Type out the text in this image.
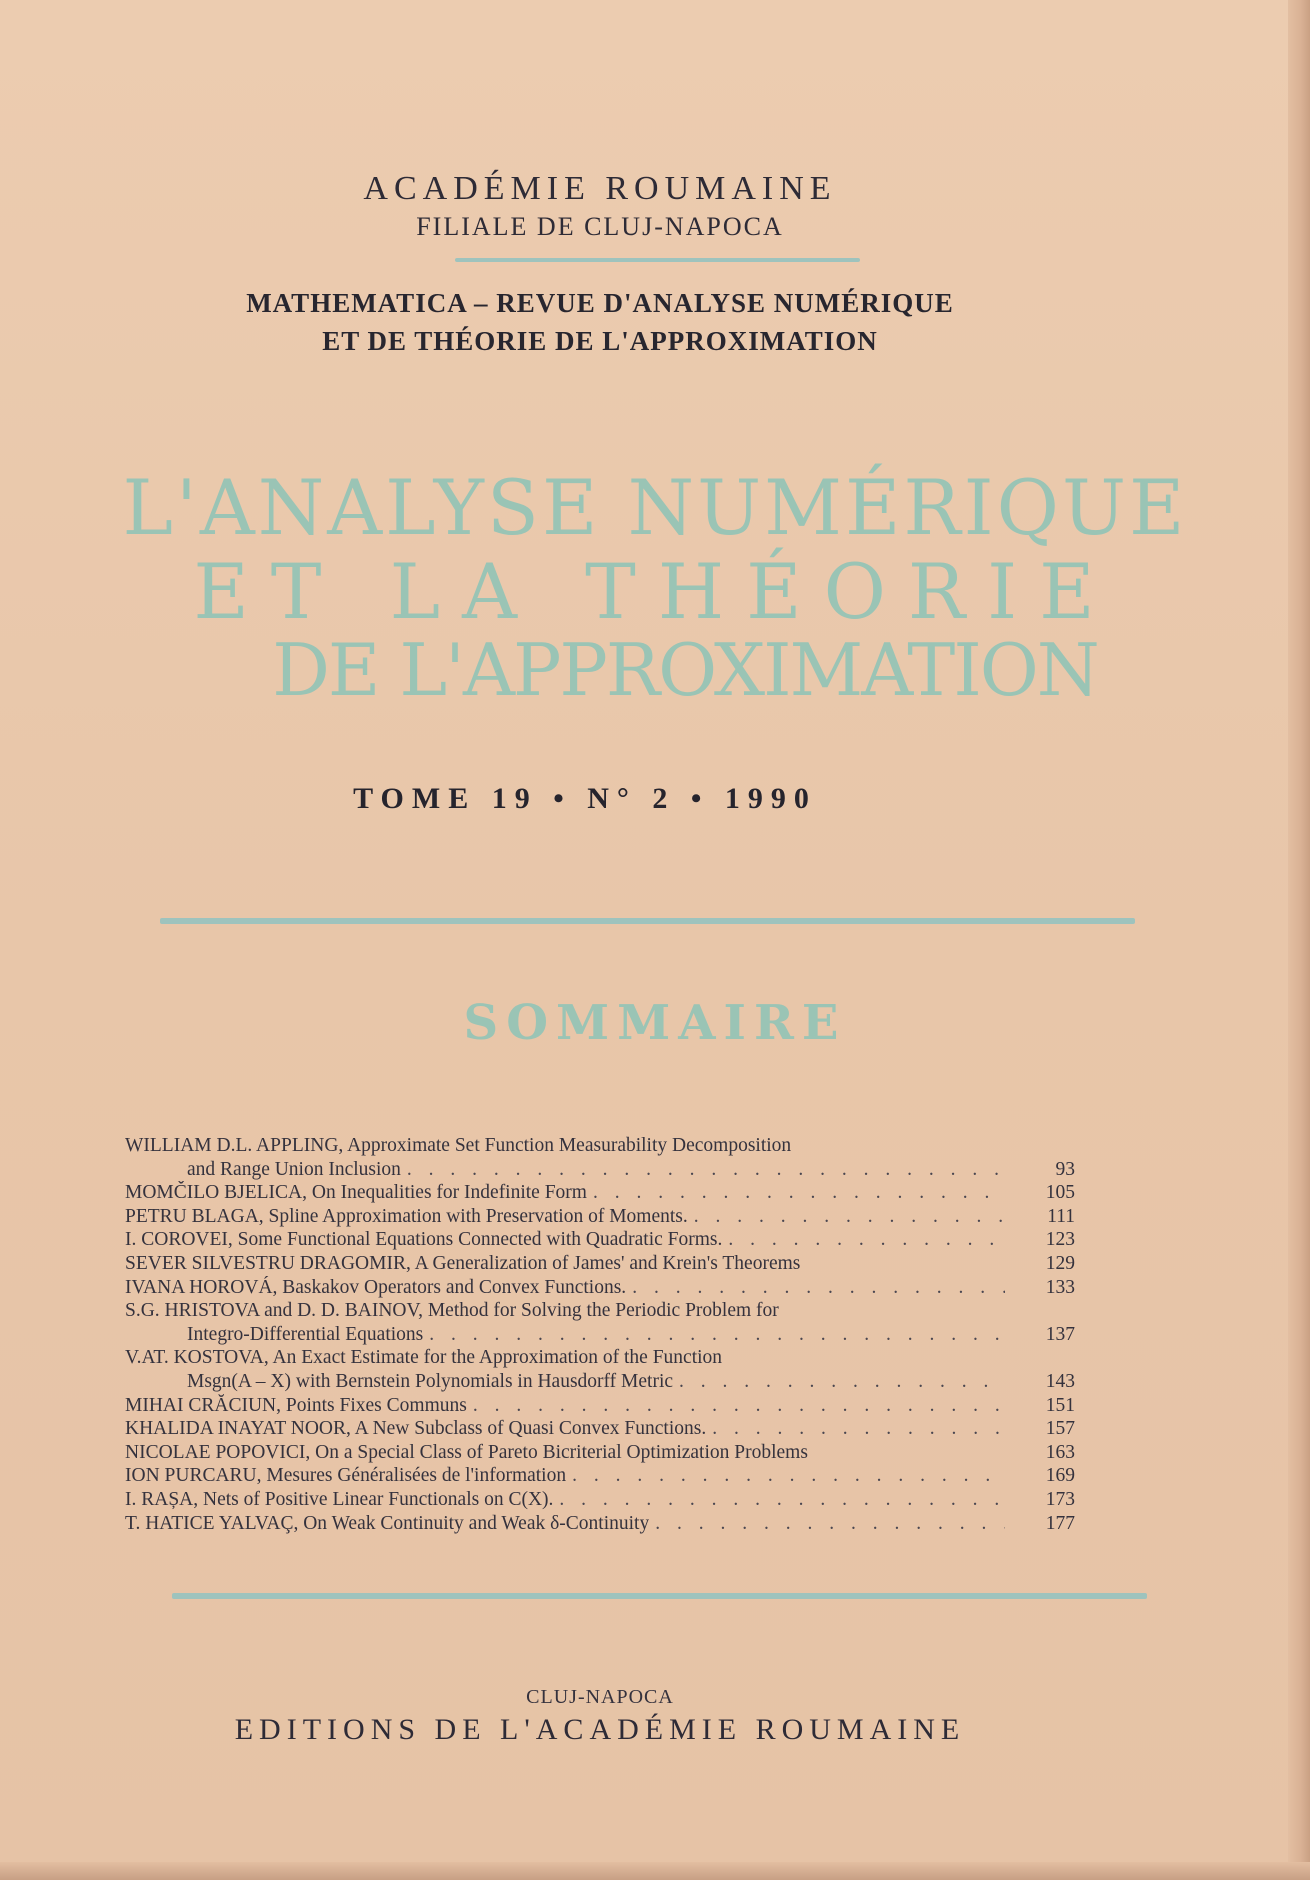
ACADÉMIE ROUMAINE
FILIALE DE CLUJ-NAPOCA
MATHEMATICA – REVUE D'ANALYSE NUMÉRIQUE
ET DE THÉORIE DE L'APPROXIMATION
L'ANALYSE NUMÉRIQUE
ET LA THÉORIE
DE L'APPROXIMATION
TOME 19 • N° 2 • 1990
SOMMAIRE
WILLIAM D.L. APPLING, Approximate Set Function Measurability Decomposition
and Range Union Inclusion . . .	93
MOMČILO BJELICA, On Inequalities for Indefinite Form . . .	105
PETRU BLAGA, Spline Approximation with Preservation of Moments. . . .	111
I. COROVEI, Some Functional Equations Connected with Quadratic Forms. . . .	123
SEVER SILVESTRU DRAGOMIR, A Generalization of James' and Krein's Theorems	129
IVANA HOROVÁ, Baskakov Operators and Convex Functions. . . .	133
S.G. HRISTOVA and D. D. BAINOV, Method for Solving the Periodic Problem for
Integro-Differential Equations . . .	137
V.AT. KOSTOVA, An Exact Estimate for the Approximation of the Function
Msgn(A – X) with Bernstein Polynomials in Hausdorff Metric . . .	143
MIHAI CRĂCIUN, Points Fixes Communs . . .	151
KHALIDA INAYAT NOOR, A New Subclass of Quasi Convex Functions. . . .	157
NICOLAE POPOVICI, On a Special Class of Pareto Bicriterial Optimization Problems	163
ION PURCARU, Mesures Généralisées de l'information . . .	169
I. RAȘA, Nets of Positive Linear Functionals on C(X). . . .	173
T. HATICE YALVAÇ, On Weak Continuity and Weak δ-Continuity . . .	177
CLUJ-NAPOCA
EDITIONS DE L'ACADÉMIE ROUMAINE
